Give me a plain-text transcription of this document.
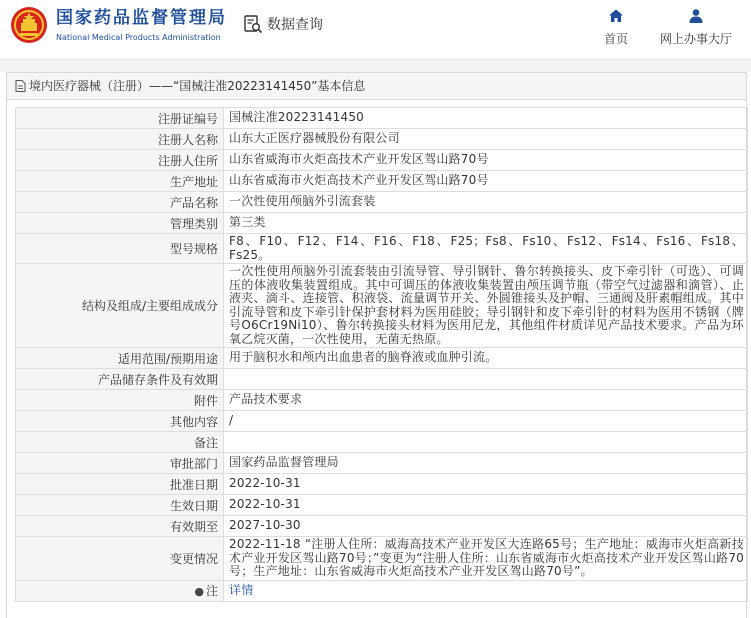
国家药品监督管理局
National Medical Products Administration
数据查询
首页	网上办事大厅
境内医疗器械（注册）——“国械注准20223141450”基本信息
注册证编号	国械注准20223141450
注册人名称	山东大正医疗器械股份有限公司
注册人住所	山东省威海市火炬高技术产业开发区驾山路70号
生产地址	山东省威海市火炬高技术产业开发区驾山路70号
产品名称	一次性使用颅脑外引流套装
管理类别	第三类
型号规格	F8、F10、F12、F14、F16、F18、F25；Fs8、Fs10、Fs12、Fs14、Fs16、Fs18、Fs25。
结构及组成/主要组成成分	一次性使用颅脑外引流套装由引流导管、导引钢针、鲁尔转换接头、皮下牵引针（可选）、可调压的体液收集装置组成。其中可调压的体液收集装置由颅压调节瓶（带空气过滤器和滴管）、止液夹、滴斗、连接管、积液袋、流量调节开关、外圆锥接头及护帽、三通阀及肝素帽组成。其中引流导管和皮下牵引针保护套材料为医用硅胶；导引钢针和皮下牵引针的材料为医用不锈钢（牌号O6Cr19Ni10）、鲁尔转换接头材料为医用尼龙，其他组件材质详见产品技术要求。产品为环氧乙烷灭菌，一次性使用，无菌无热原。
适用范围/预期用途	用于脑积水和颅内出血患者的脑脊液或血肿引流。
产品储存条件及有效期	
附件	产品技术要求
其他内容	/
备注	
审批部门	国家药品监督管理局
批准日期	2022-10-31
生效日期	2022-10-31
有效期至	2027-10-30
变更情况	2022-11-18 “注册人住所：威海高技术产业开发区大连路65号；生产地址：威海市火炬高新技术产业开发区驾山路70号；”变更为“注册人住所：山东省威海市火炬高技术产业开发区驾山路70号；生产地址：山东省威海市火炬高技术产业开发区驾山路70号”。
● 注	详情
